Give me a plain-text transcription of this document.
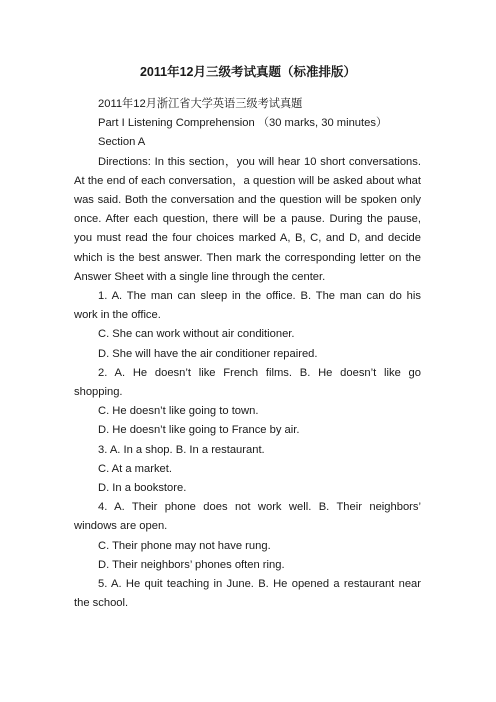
2011年12月三级考试真题（标准排版）

2011年12月浙江省大学英语三级考试真题

Part I Listening Comprehension （30 marks, 30 minutes）

Section A

Directions: In this section，you will hear 10 short conversations. At the end of each conversation，a question will be asked about what was said. Both the conversation and the question will be spoken only once. After each question, there will be a pause. During the pause, you must read the four choices marked A, B, C, and D, and decide which is the best answer. Then mark the corresponding letter on the Answer Sheet with a single line through the center.

1. A. The man can sleep in the office. B. The man can do his work in the office.

C. She can work without air conditioner.

D. She will have the air conditioner repaired.

2. A. He doesn’t like French films. B. He doesn’t like go shopping.

C. He doesn’t like going to town.

D. He doesn’t like going to France by air.

3. A. In a shop. B. In a restaurant.

C. At a market.

D. In a bookstore.

4. A. Their phone does not work well. B. Their neighbors’ windows are open.

C. Their phone may not have rung.

D. Their neighbors’ phones often ring.

5. A. He quit teaching in June. B. He opened a restaurant near the school.
